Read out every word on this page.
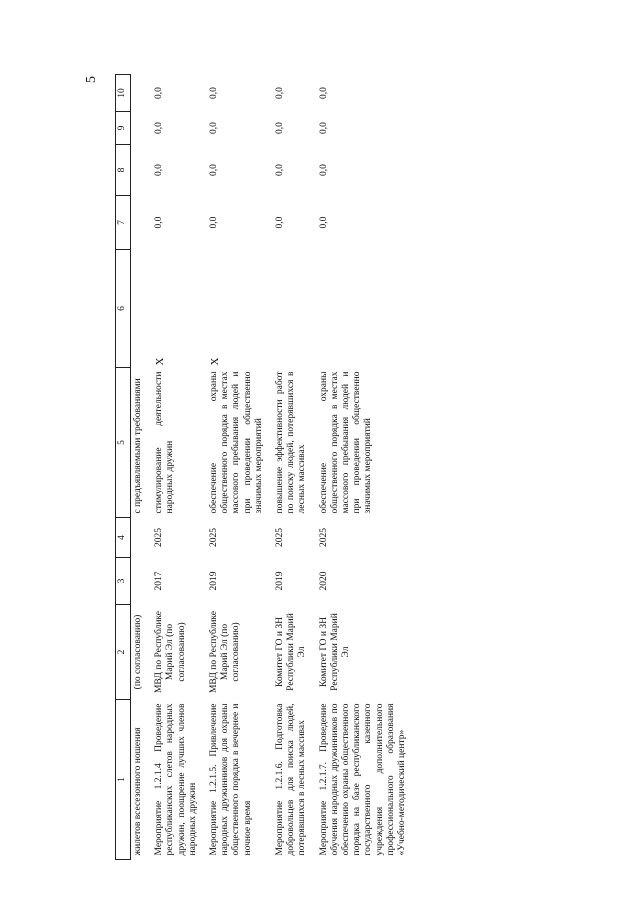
5
1	2	3	4	5	6	7	8	9	10
жилетов всесезонного ношения	(по согласованию)			с предъявляемыми требованиями					
Мероприятие 1.2.1.4 Проведение республиканских слетов народных дружин, поощрение лучших членов народных дружин	МВД по Республике Марий Эл (по согласованию)	2017	2025	стимулирование деятельности народных дружин	X	0,0	0,0	0,0	0,0
Мероприятие 1.2.1.5. Привлечение народных дружинников для охраны общественного порядка в вечернее и ночное время	МВД по Республике Марий Эл (по согласованию)	2019	2025	обеспечение охраны общественного порядка в местах массового пребывания людей и при проведении общественно значимых мероприятий	X	0,0	0,0	0,0	0,0
Мероприятие 1.2.1.6. Подготовка добровольцев для поиска людей, потерявшихся в лесных массивах	Комитет ГО и ЗН Республики Марий Эл	2019	2025	повышение эффективности работ по поиску людей, потерявшихся в лесных массивах		0,0	0,0	0,0	0,0
Мероприятие 1.2.1.7. Проведение обучения народных дружинников по обеспечению охраны общественного порядка на базе республиканского государственного казенного учреждения дополнительного профессионального образования «Учебно-методический центр»	Комитет ГО и ЗН Республики Марий Эл	2020	2025	обеспечение охраны общественного порядка в местах массового пребывания людей и при проведении общественно значимых мероприятий		0,0	0,0	0,0	0,0
